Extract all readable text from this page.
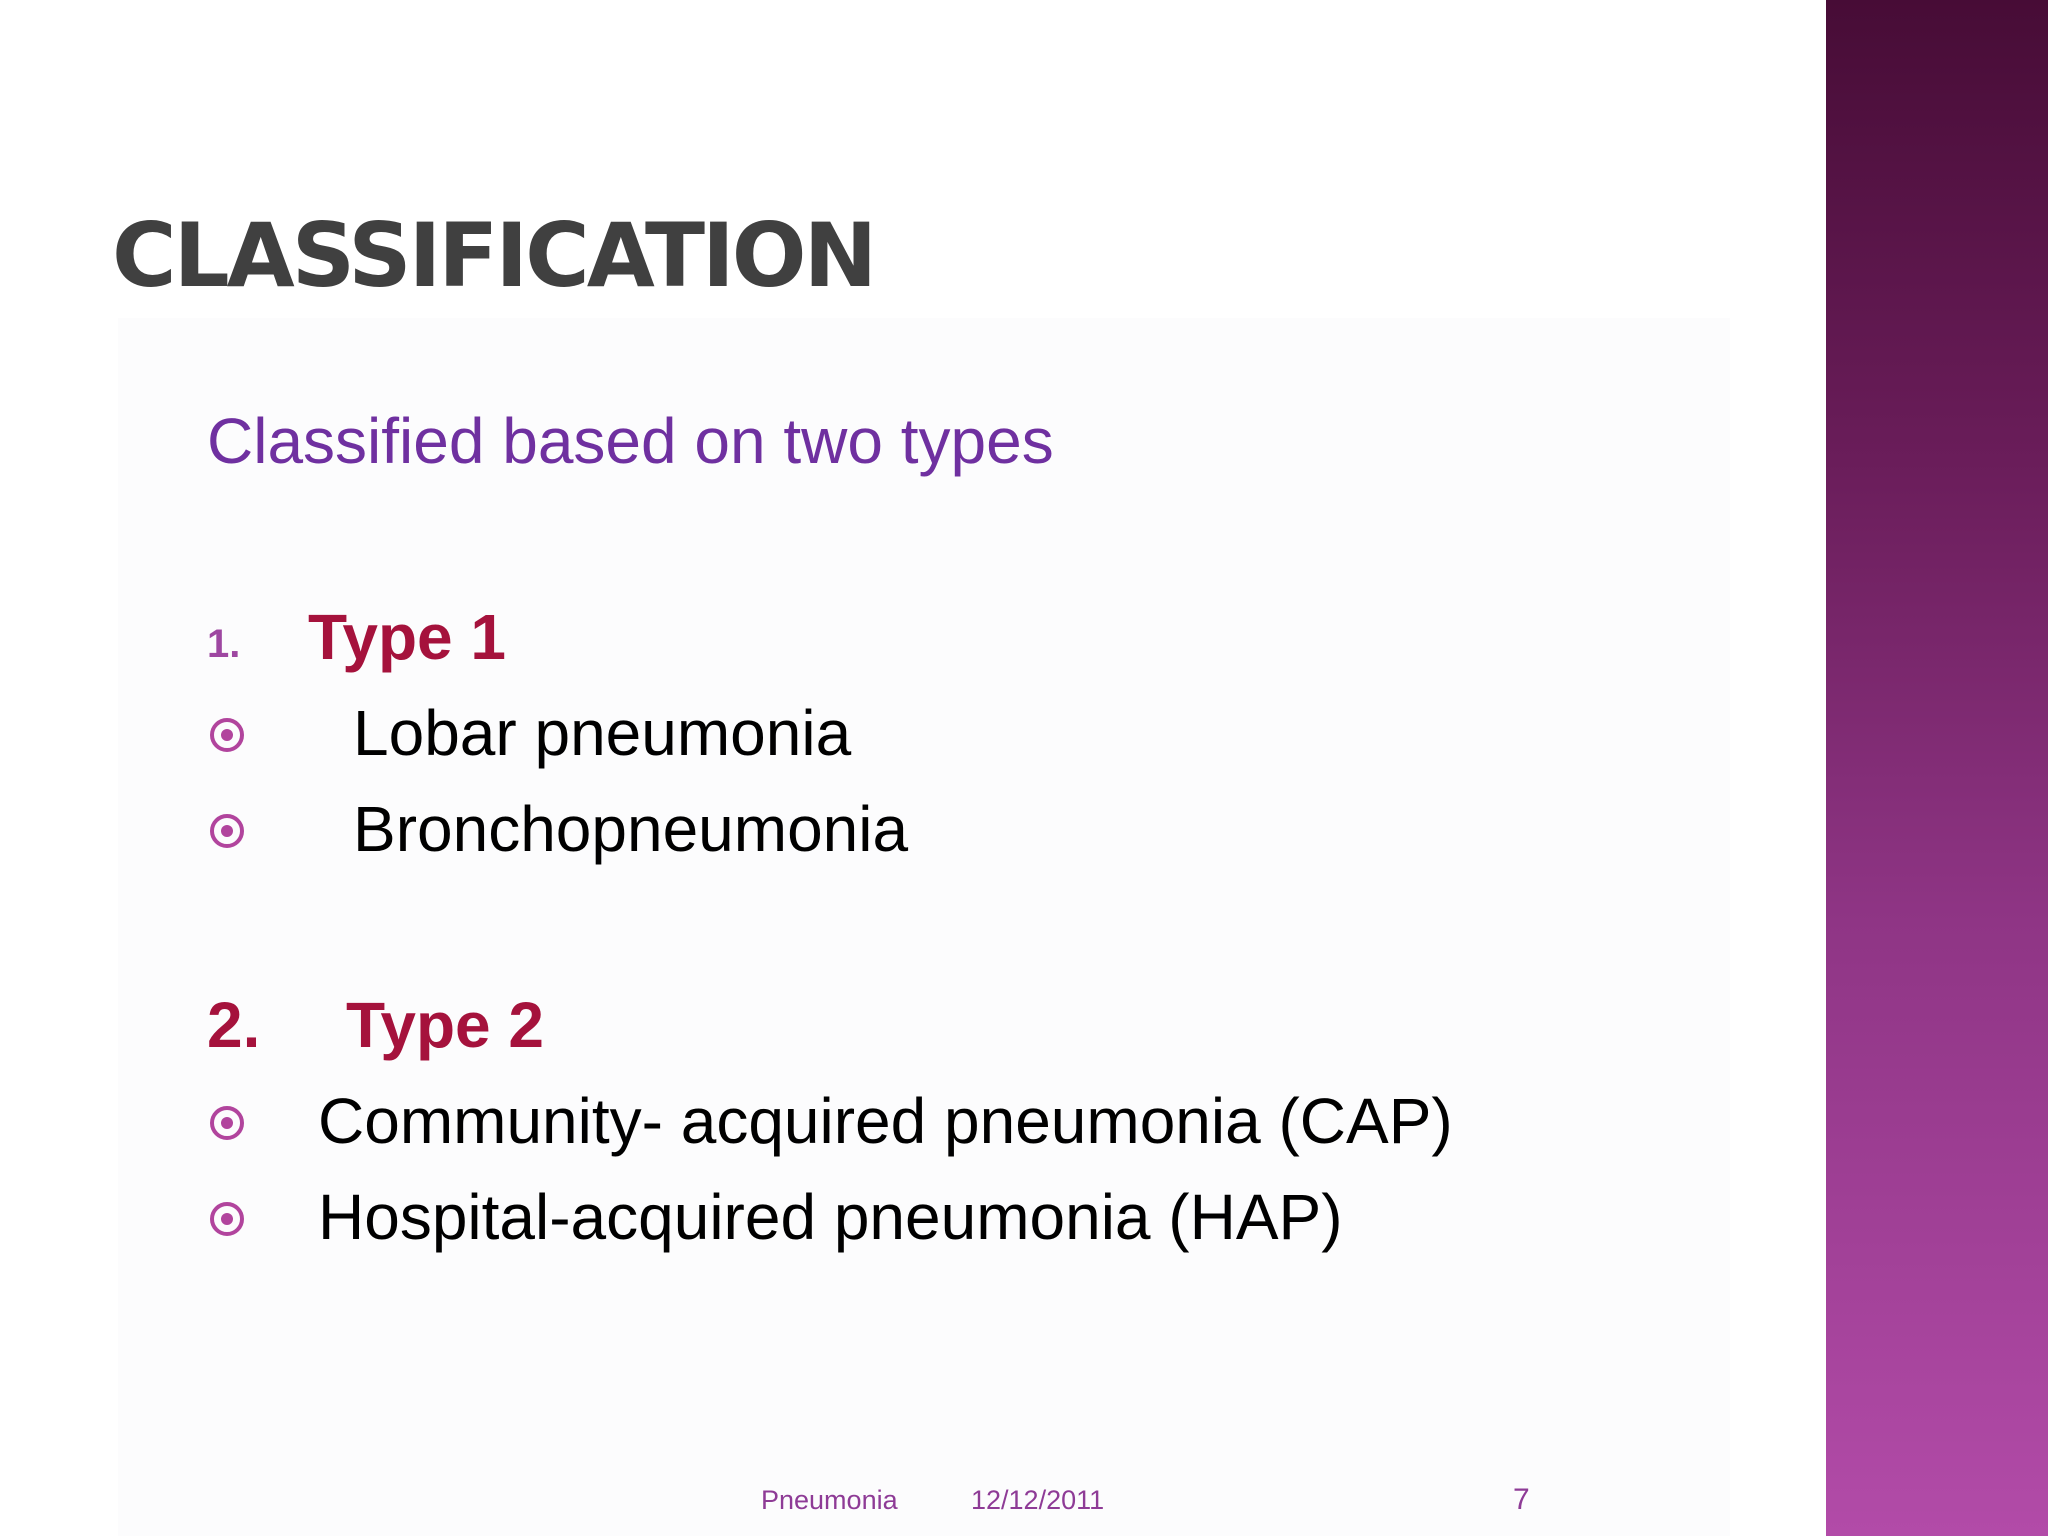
CLASSIFICATION
Classified based on two types
1. Type 1
Lobar pneumonia
Bronchopneumonia
2. Type 2
Community- acquired pneumonia (CAP)
Hospital-acquired pneumonia (HAP)
Pneumonia	12/12/2011	7
